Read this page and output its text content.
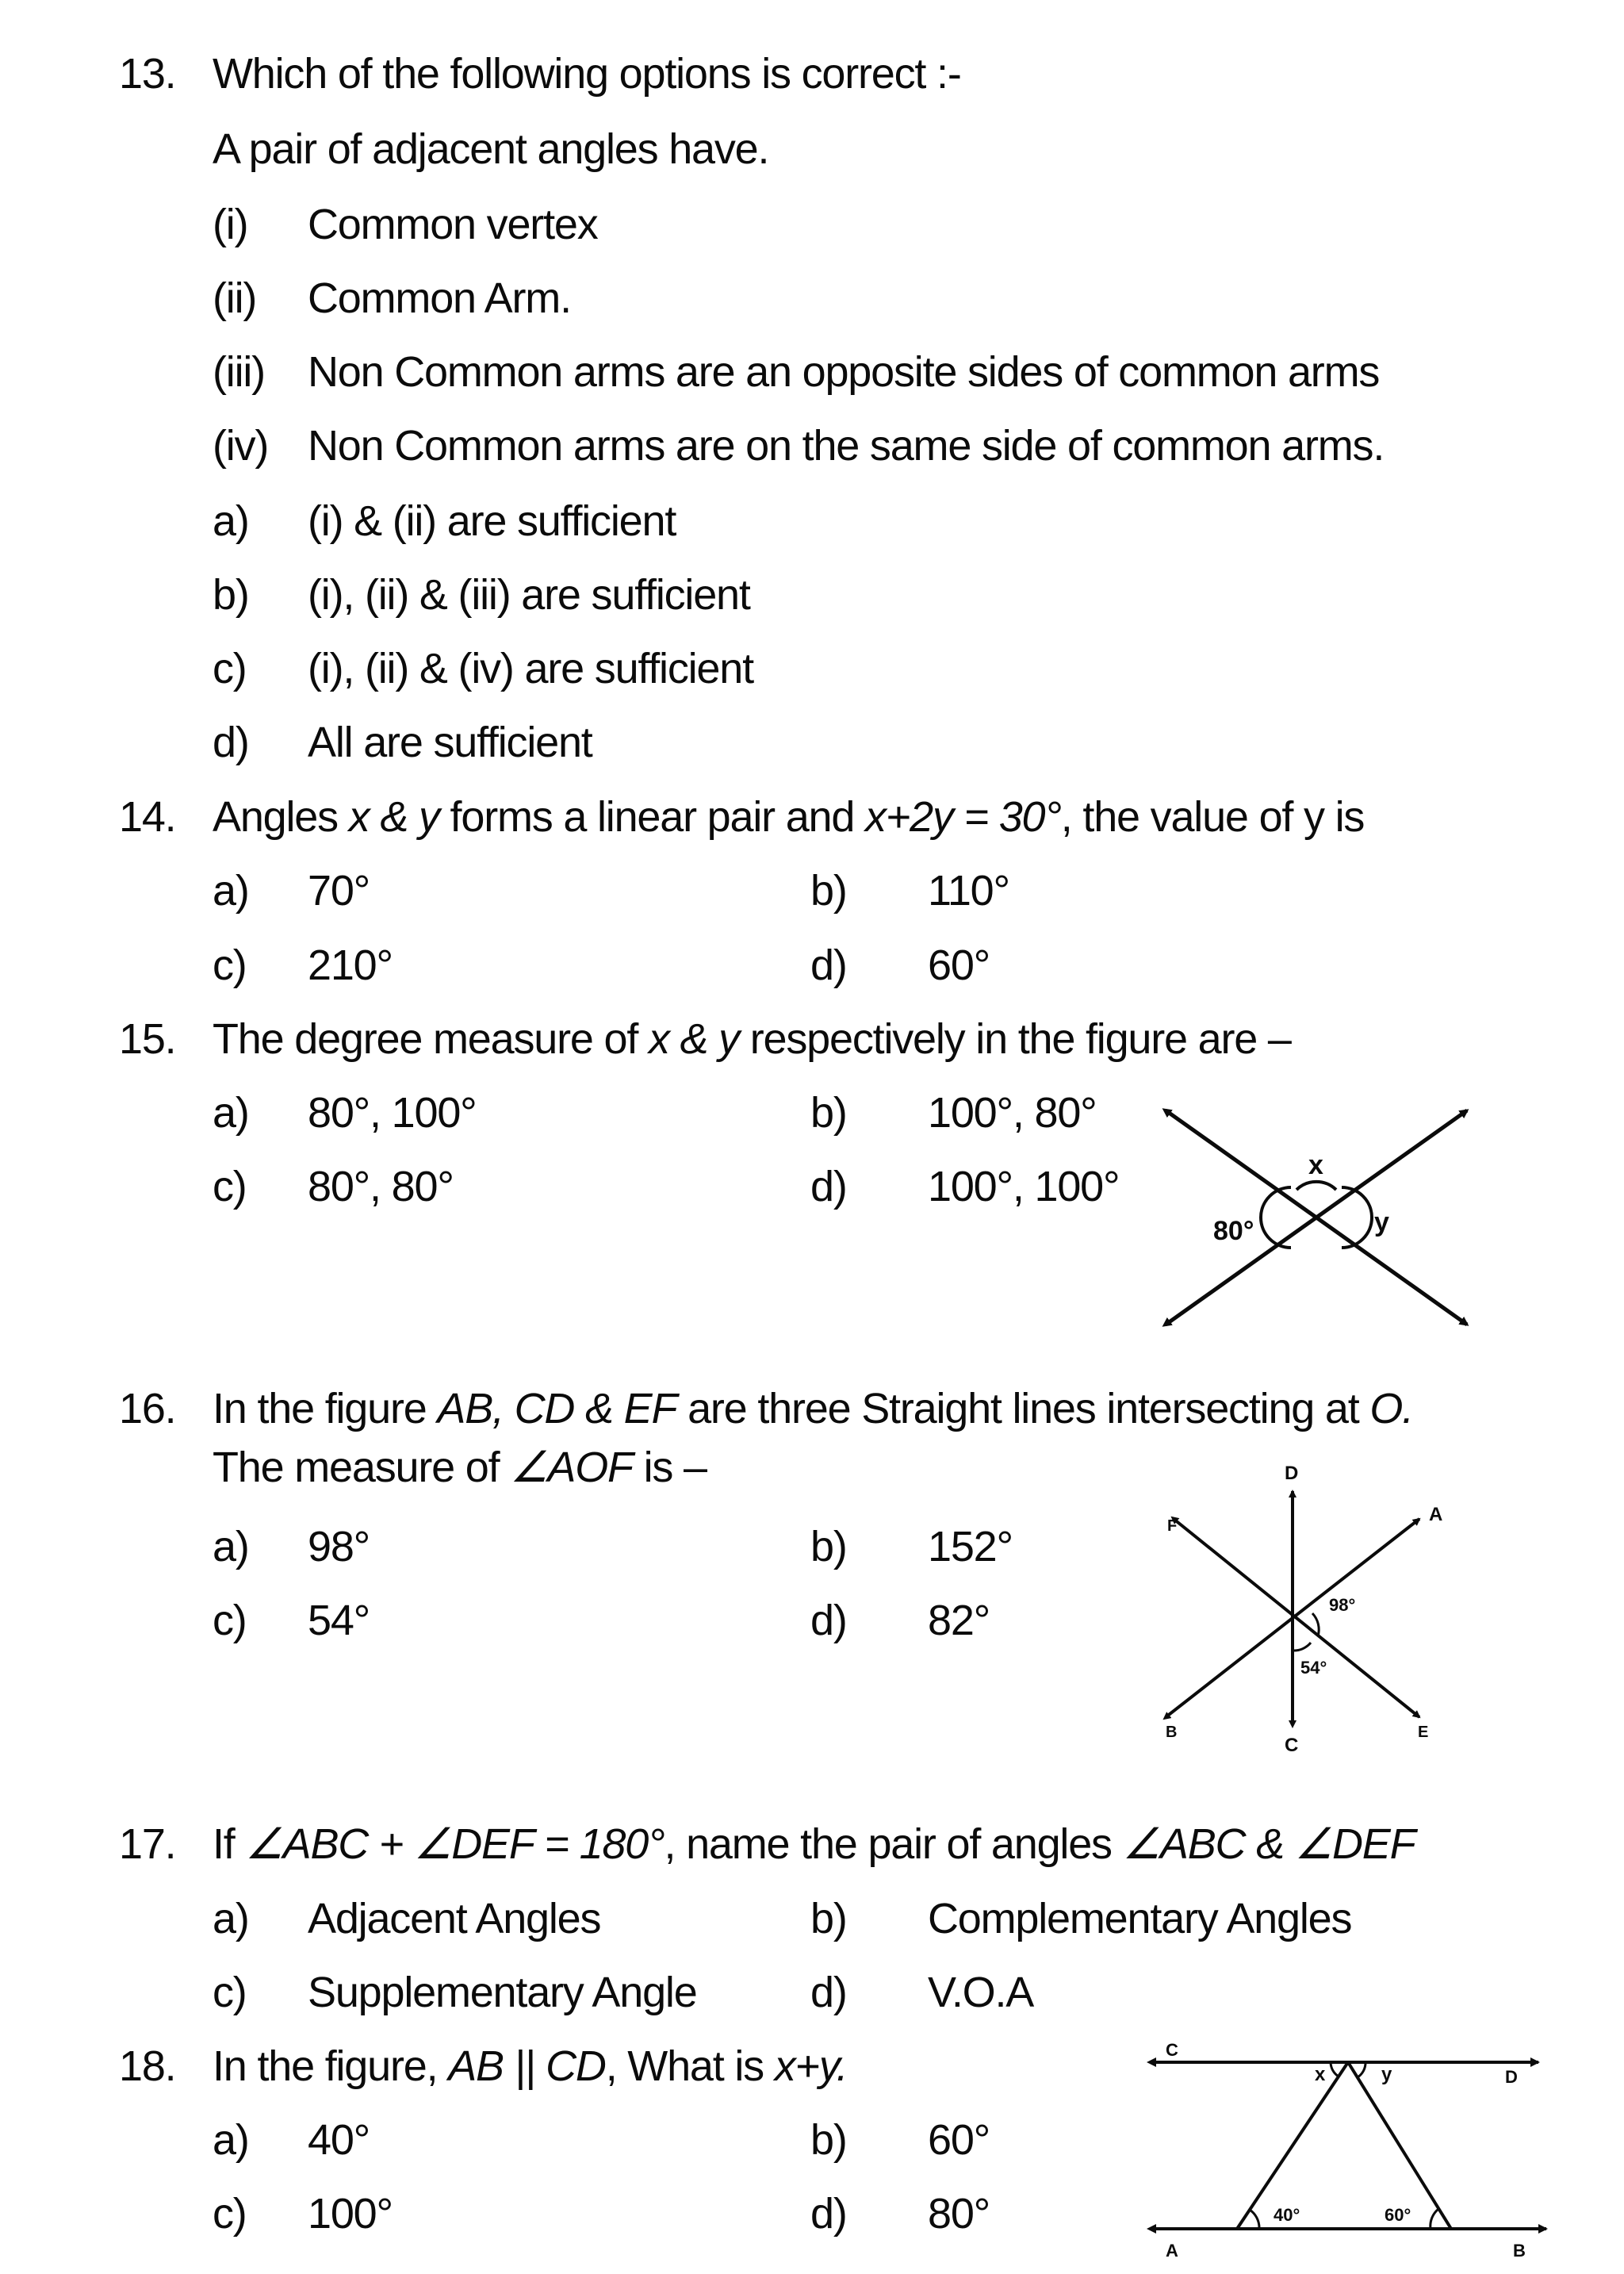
13. Which of the following options is correct :-
A pair of adjacent angles have.
(i) Common vertex
(ii) Common Arm.
(iii) Non Common arms are an opposite sides of common arms
(iv) Non Common arms are on the same side of common arms.
a) (i) & (ii) are sufficient
b) (i), (ii) & (iii) are sufficient
c) (i), (ii) & (iv) are sufficient
d) All are sufficient
14. Angles x & y forms a linear pair and x+2y = 30°, the value of y is
a) 70°	b) 110°
c) 210°	d) 60°
15. The degree measure of x & y respectively in the figure are –
a) 80°, 100°	b) 100°, 80°
c) 80°, 80°	d) 100°, 100°
80°
x
y
16. In the figure AB, CD & EF are three Straight lines intersecting at O.
The measure of ∠AOF is –
a) 98°	b) 152°
c) 54°	d) 82°
D
A
F
B
C
E
98°
54°
17. If ∠ABC + ∠DEF = 180°, name the pair of angles ∠ABC & ∠DEF
a) Adjacent Angles	b) Complementary Angles
c) Supplementary Angle	d) V.O.A
18. In the figure, AB || CD, What is x+y.
a) 40°	b) 60°
c) 100°	d) 80°
C
D
A	B
x	y
40°	60°
